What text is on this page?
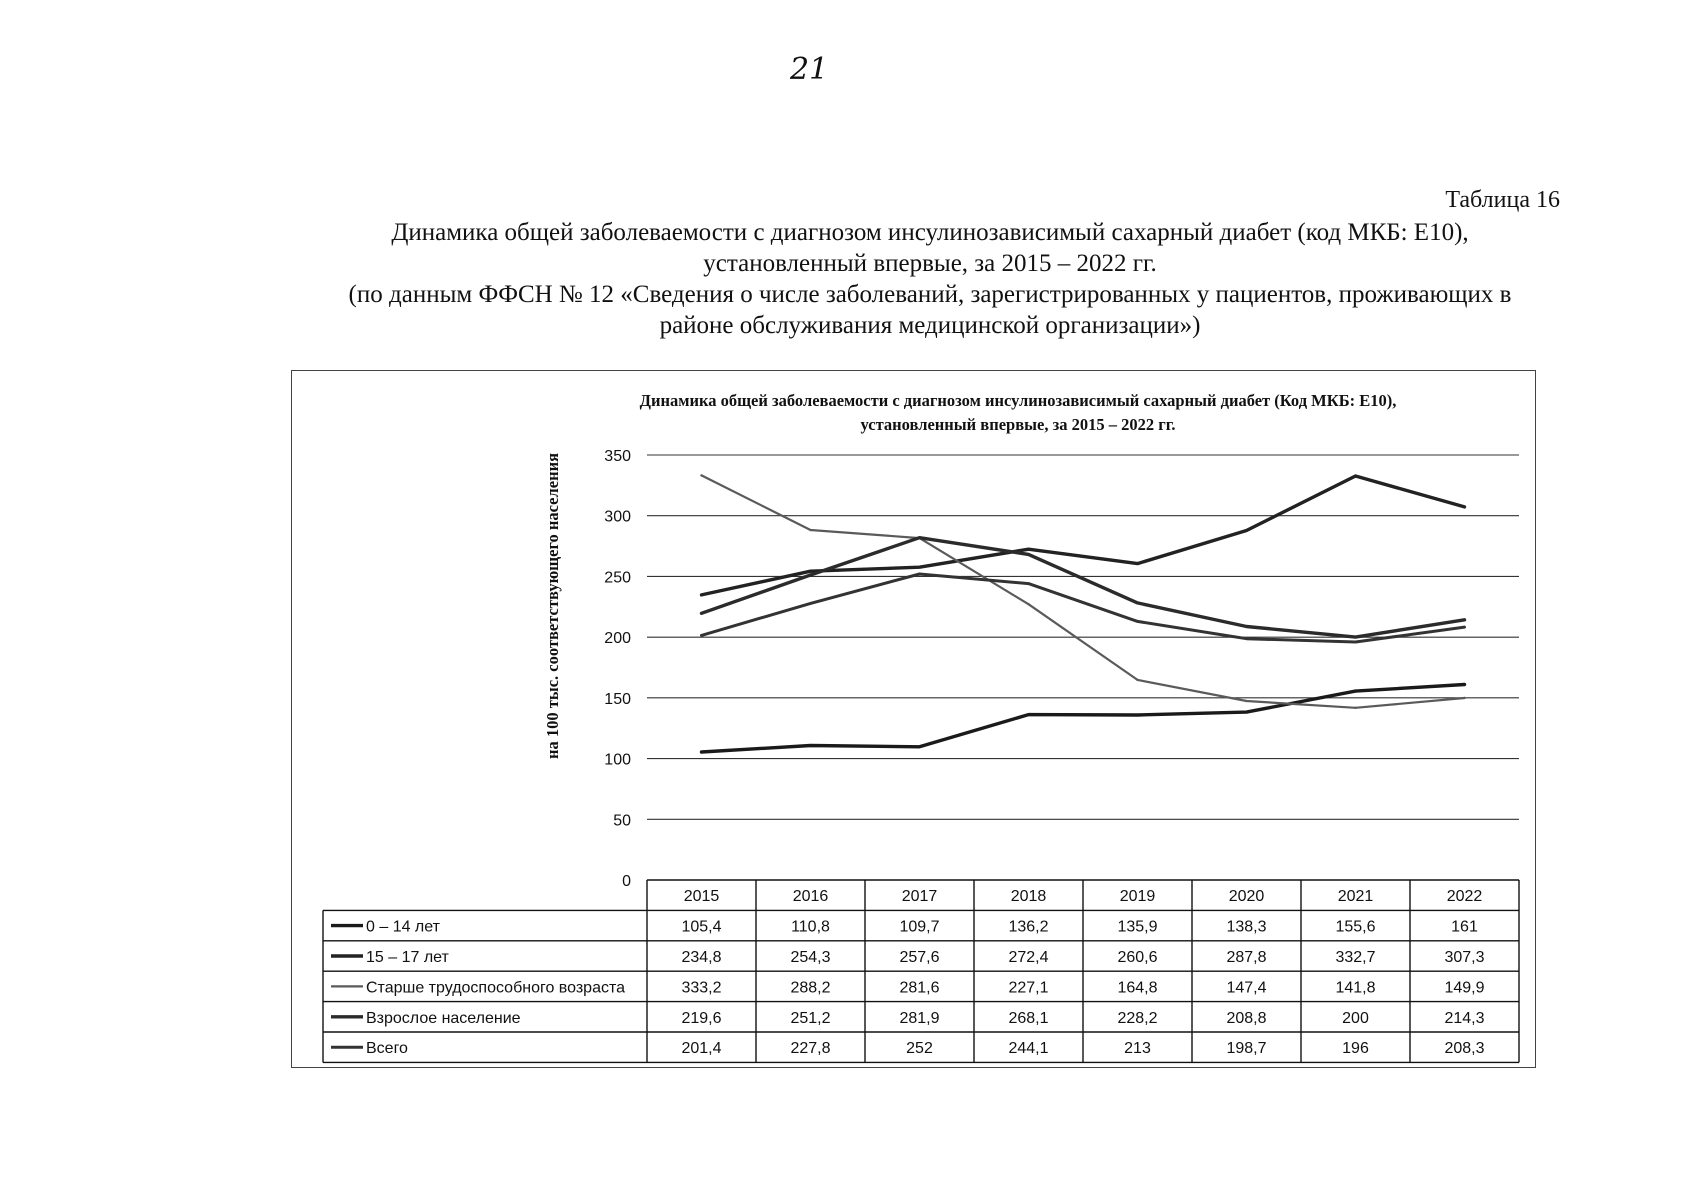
21
Таблица 16
Динамика общей заболеваемости с диагнозом инсулинозависимый сахарный диабет (код МКБ: Е10),
установленный впервые, за 2015 – 2022 гг.
(по данным ФФСН № 12 «Сведения о числе заболеваний, зарегистрированных у пациентов, проживающих в
районе обслуживания медицинской организации»)
Динамика общей заболеваемости с диагнозом инсулинозависимый сахарный диабет (Код МКБ: Е10),
установленный впервые, за 2015 – 2022 гг.
на 100 тыс. соответствующего населения
0
50
100
150
200
250
300
350
2015	2016	2017	2018	2019	2020	2021	2022
0 – 14 лет	105,4	110,8	109,7	136,2	135,9	138,3	155,6	161
15 – 17 лет	234,8	254,3	257,6	272,4	260,6	287,8	332,7	307,3
Старше трудоспособного возраста	333,2	288,2	281,6	227,1	164,8	147,4	141,8	149,9
Взрослое население	219,6	251,2	281,9	268,1	228,2	208,8	200	214,3
Всего	201,4	227,8	252	244,1	213	198,7	196	208,3
